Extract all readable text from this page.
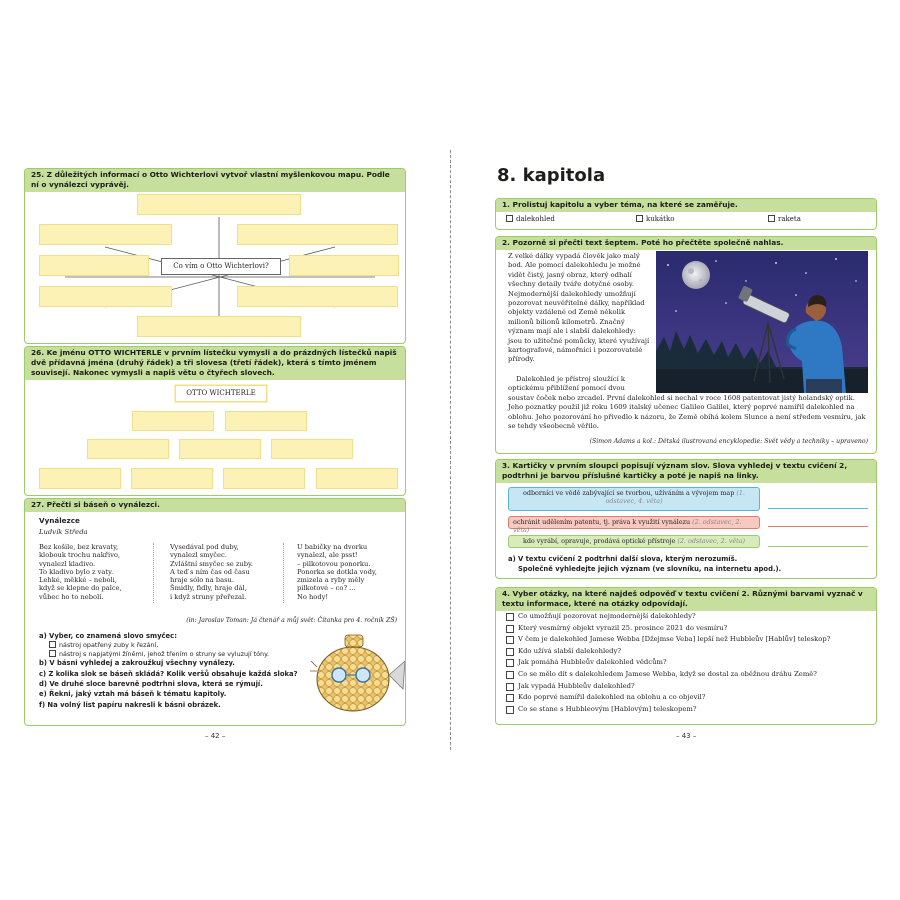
25. Z důležitých informací o Otto Wichterlovi vytvoř vlastní myšlenkovou mapu. Podle ní o vynálezci vyprávěj.
Co vím o Otto Wichterlovi?
26. Ke jménu OTTO WICHTERLE v prvním lístečku vymysli a do prázdných lístečků napiš dvě přídavná jména (druhý řádek) a tři slovesa (třetí řádek), která s tímto jménem souvisejí. Nakonec vymysli a napiš větu o čtyřech slovech.
OTTO WICHTERLE
27. Přečti si báseň o vynálezci.
Vynálezce
Ludvík Středa
Bez košile, bez kravaty,
klobouk trochu nakřivo,
vynalezl kladivo.
To kladivo bylo z vaty.
Lehké, měkké – neboli,
když se klepne do palce,
vůbec ho to nebolí.
Vysedával pod duby,
vynalezl smyčec.
Zvláštní smyčec se zuby.
A teď s ním čas od času
hraje sólo na basu.
Šmidly, fidly, hraje dál,
i když struny přeřezal.
U babičky na dvorku
vynalezl, ale psst!
– pilkotovou ponorku.
Ponorka se dotkla vody,
zmizela a ryby měly
pilkotové – co? ...
No hody!
(in: Jaroslav Toman: Já čtenář a můj svět: Čítanka pro 4. ročník ZŠ)
a) Vyber, co znamená slovo smyčec:
nástroj opatřený zuby k řezání,
nástroj s napjatými žíněmi, jehož třením o struny se vyluzují tóny.
b) V básni vyhledej a zakroužkuj všechny vynálezy.
c) Z kolika slok se báseň skládá? Kolik veršů obsahuje každá sloka?
d) Ve druhé sloce barevně podtrhni slova, která se rýmují.
e) Řekni, jaký vztah má báseň k tématu kapitoly.
f) Na volný list papíru nakresli k básni obrázek.
– 42 –
8. kapitola
1. Prolistuj kapitolu a vyber téma, na které se zaměřuje.
dalekohled	kukátko	raketa
2. Pozorně si přečti text šeptem. Poté ho přečtěte společně nahlas.
Z velké dálky vypadá člověk jako malý bod. Ale pomocí dalekohledu je možné vidět čistý, jasný obraz, který odhalí všechny detaily tváře dotyčné osoby. Nejmodernější dalekohledy umožňují pozorovat neuvěřitelné dálky, například objekty vzdálené od Země několik milionů bilionů kilometrů. Značný význam mají ale i slabší dalekohledy: jsou to užitečné pomůcky, které využívají kartografové, námořníci i pozorovatelé přírody.
Dalekohled je přístroj sloužící k optickému přiblížení pomocí dvou
soustav čoček nebo zrcadel. První dalekohled si nechal v roce 1608 patentovat jistý holandský optik. Jeho poznatky použil již roku 1609 italský učenec Galileo Galilei, který poprvé namířil dalekohled na oblohu. Jeho pozorování ho přivedlo k názoru, že Země obíhá kolem Slunce a není středem vesmíru, jak se tehdy všeobecně věřilo.
(Simon Adams a kol.: Dětská ilustrovaná encyklopedie: Svět vědy a techniky – upraveno)
3. Kartičky v prvním sloupci popisují význam slov. Slova vyhledej v textu cvičení 2, podtrhni je barvou příslušné kartičky a poté je napiš na linky.
odborníci ve vědě zabývající se tvorbou, užíváním a vývojem map (1. odstavec, 4. věta)
ochránit udělením patentu, tj. práva k využití vynálezu (2. odstavec, 2. věta)
kdo vyrábí, opravuje, prodává optické přístroje (2. odstavec, 2. věta)
a) V textu cvičení 2 podtrhni další slova, kterým nerozumíš.
Společně vyhledejte jejich význam (ve slovníku, na internetu apod.).
4. Vyber otázky, na které najdeš odpověď v textu cvičení 2. Různými barvami vyznač v textu informace, které na otázky odpovídají.
Co umožňují pozorovat nejmodernější dalekohledy?
Který vesmírný objekt vyrazil 25. prosince 2021 do vesmíru?
V čem je dalekohled Jamese Webba [Džejmse Veba] lepší než Hubbleův [Hablův] teleskop?
Kdo užívá slabší dalekohledy?
Jak pomáhá Hubbleův dalekohled vědcům?
Co se mělo dít s dalekohledem Jamese Webba, když se dostal za oběžnou dráhu Země?
Jak vypadá Hubbleův dalekohled?
Kdo poprvé namířil dalekohled na oblohu a co objevil?
Co se stane s Hubbleovým [Hablovým] teleskopem?
– 43 –
